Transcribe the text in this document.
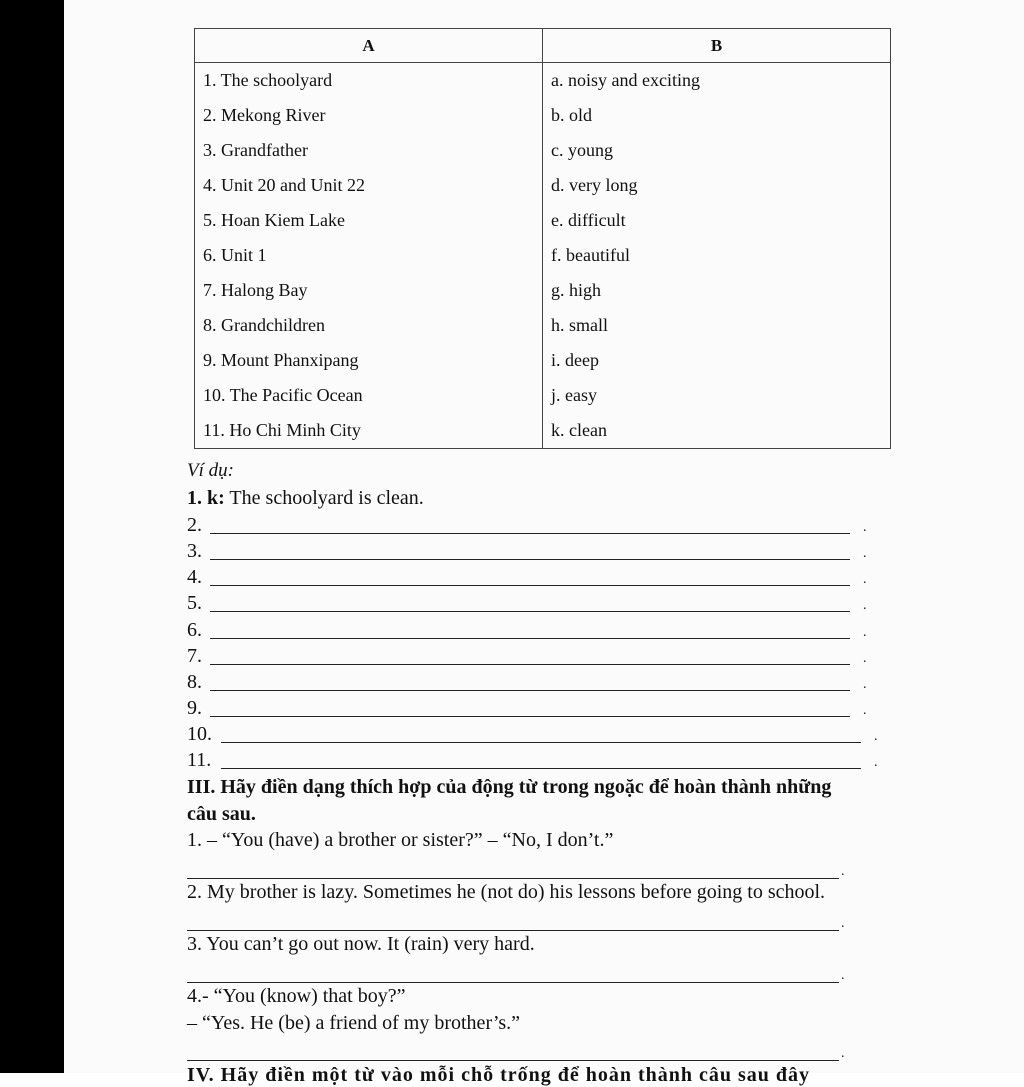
A	B
1. The schoolyard	a. noisy and exciting
2. Mekong River	b. old
3. Grandfather	c. young
4. Unit 20 and Unit 22	d. very long
5. Hoan Kiem Lake	e. difficult
6. Unit 1	f. beautiful
7. Halong Bay	g. high
8. Grandchildren	h. small
9. Mount Phanxipang	i. deep
10. The Pacific Ocean	j. easy
11. Ho Chi Minh City	k. clean
Ví dụ:
1. k: The schoolyard is clean.
2.	.
3.	.
4.	.
5.	.
6.	.
7.	.
8.	.
9.	.
10.	.
11.	.
III. Hãy điền dạng thích hợp của động từ trong ngoặc để hoàn thành những
câu sau.
1. – “You (have) a brother or sister?” – “No, I don’t.”
.
2. My brother is lazy. Sometimes he (not do) his lessons before going to school.
.
3. You can’t go out now. It (rain) very hard.
.
4.- “You (know) that boy?”
– “Yes. He (be) a friend of my brother’s.”
.
IV. Hãy điền một từ vào mỗi chỗ trống để hoàn thành câu sau đây
